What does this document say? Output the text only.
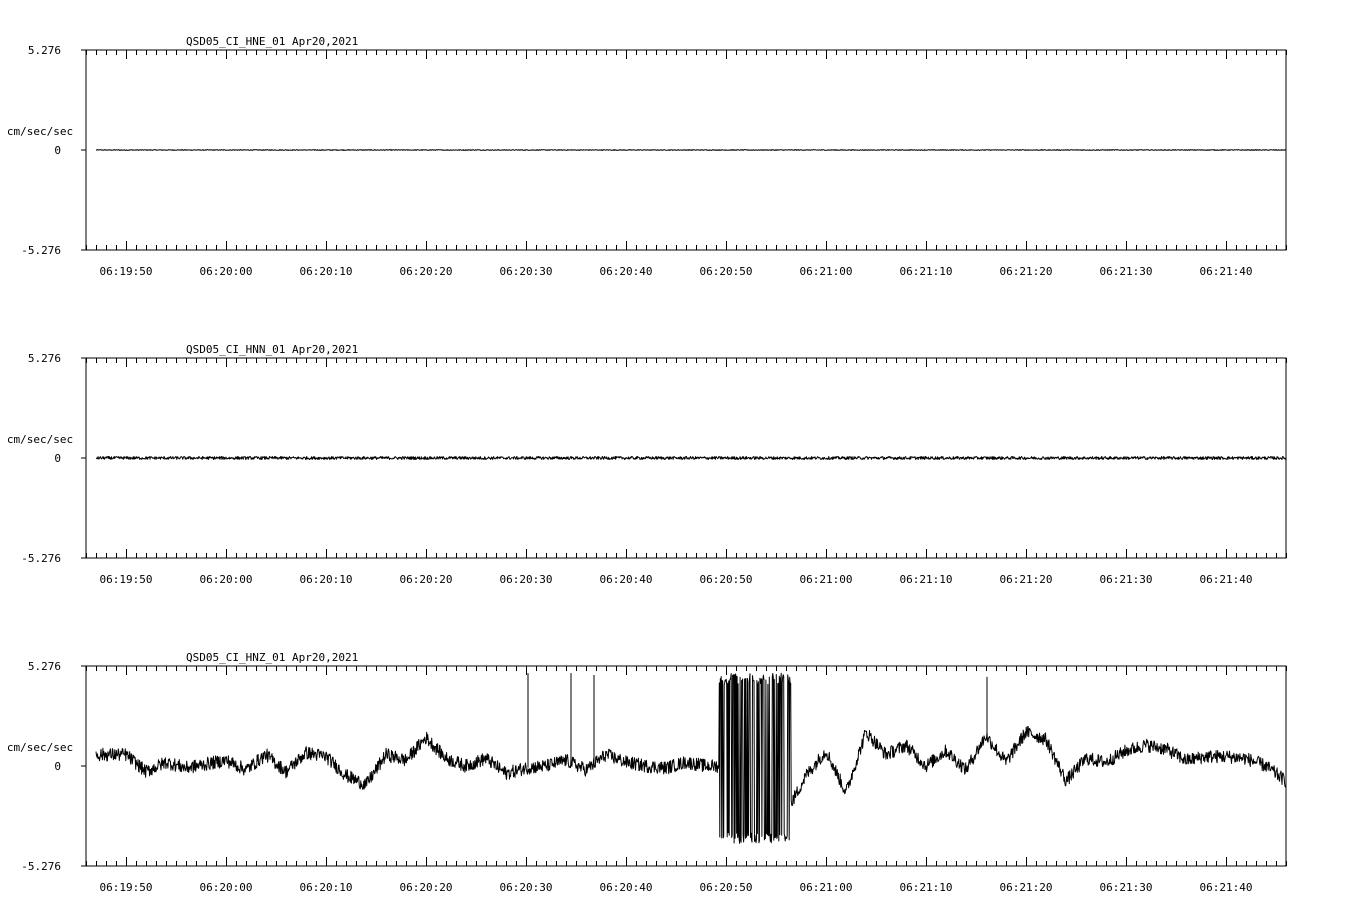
QSD05_CI_HNE_01 Apr20,2021
5.276
0
-5.276
cm/sec/sec
06:19:50	06:20:00	06:20:10	06:20:20	06:20:30	06:20:40	06:20:50	06:21:00	06:21:10	06:21:20	06:21:30	06:21:40
QSD05_CI_HNN_01 Apr20,2021
5.276
0
-5.276
cm/sec/sec
06:19:50	06:20:00	06:20:10	06:20:20	06:20:30	06:20:40	06:20:50	06:21:00	06:21:10	06:21:20	06:21:30	06:21:40
QSD05_CI_HNZ_01 Apr20,2021
5.276
0
-5.276
cm/sec/sec
06:19:50	06:20:00	06:20:10	06:20:20	06:20:30	06:20:40	06:20:50	06:21:00	06:21:10	06:21:20	06:21:30	06:21:40
